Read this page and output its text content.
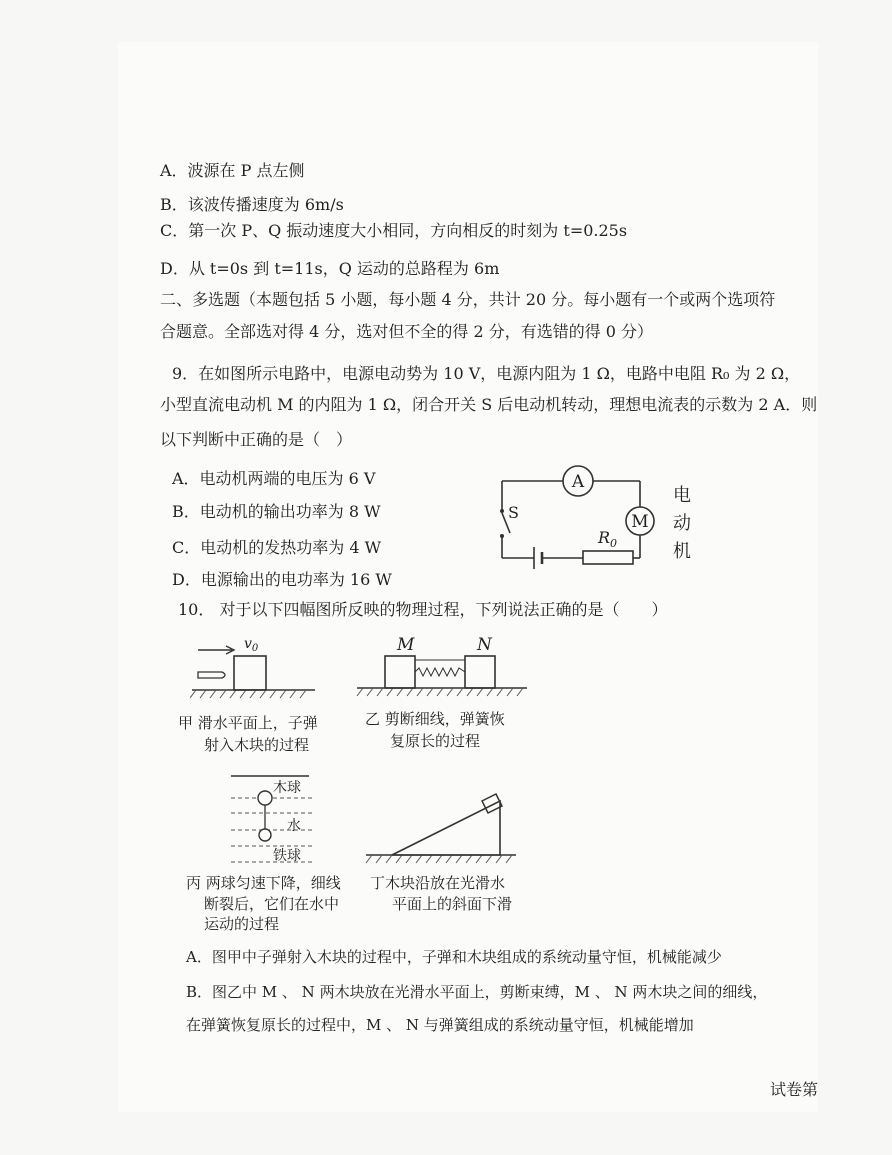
A．波源在 P 点左侧
B．该波传播速度为 6m/s
C．第一次 P、Q 振动速度大小相同，方向相反的时刻为 t=0.25s
D．从 t=0s 到 t=11s，Q 运动的总路程为 6m
二、多选题（本题包括 5 小题，每小题 4 分，共计 20 分。每小题有一个或两个选项符
合题意。全部选对得 4 分，选对但不全的得 2 分，有选错的得 0 分）
9．在如图所示电路中，电源电动势为 10 V，电源内阻为 1 Ω，电路中电阻 R₀ 为 2 Ω，
小型直流电动机 M 的内阻为 1 Ω，闭合开关 S 后电动机转动，理想电流表的示数为 2 A．则
以下判断中正确的是（　）
A．电动机两端的电压为 6 V
B．电动机的输出功率为 8 W
C．电动机的发热功率为 4 W
D．电源输出的电功率为 16 W
A
M
S
$R_0$
电
动
机
10． 对于以下四幅图所反映的物理过程，下列说法正确的是（　　）
$v_0$
甲 滑水平面上，子弹
射入木块的过程
M	N
乙 剪断细线，弹簧恢
复原长的过程
木球
水
铁球
丙 两球匀速下降，细线
断裂后，它们在水中
运动的过程
丁木块沿放在光滑水
平面上的斜面下滑
A．图甲中子弹射入木块的过程中，子弹和木块组成的系统动量守恒，机械能减少
B．图乙中 M 、 N 两木块放在光滑水平面上，剪断束缚，M 、 N 两木块之间的细线，
在弹簧恢复原长的过程中，M 、 N 与弹簧组成的系统动量守恒，机械能增加
试卷第
